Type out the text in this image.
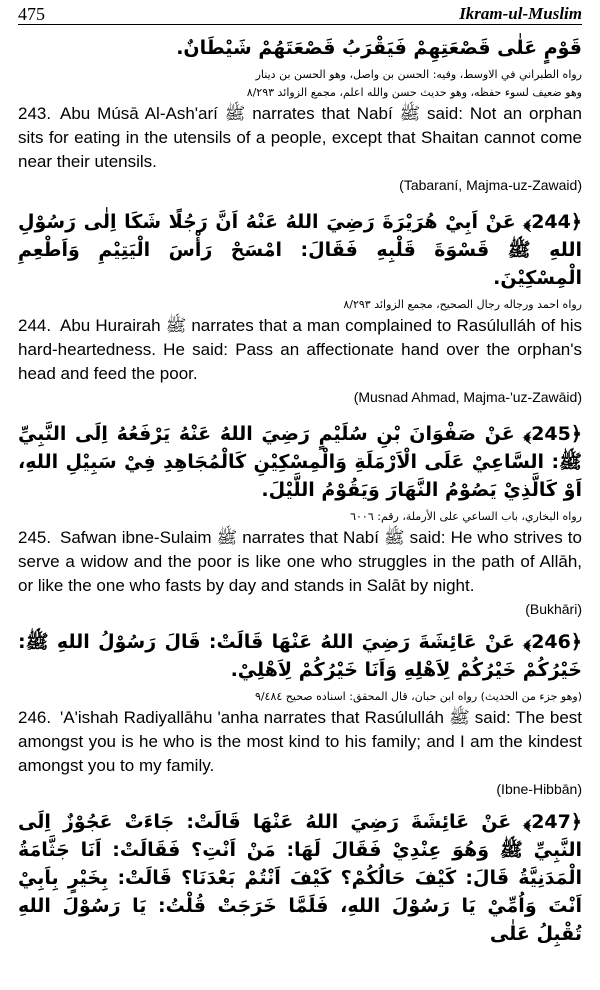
475	Ikram-ul-Muslim

قَوْمٍ عَلٰى قَصْعَتِهِمْ فَيَقْرَبُ قَصْعَتَهُمْ شَيْطَانٌ.

رواه الطبراني في الاوسط، وفيه: الحسن بن واصل، وهو الحسن بن دينار

وهو ضعيف لسوء حفظه، وهو حديث حسن والله اعلم، مجمع الزوائد ٨/٢٩٣

243. Abu Músā Al-Ash'arí ﷺ narrates that Nabí ﷺ said: Not an orphan sits for eating in the utensils of a people, except that Shaitan cannot come near their utensils.

(Tabaraní, Majma-uz-Zawaid)

﴿244﴾ عَنْ اَبِيْ هُرَيْرَةَ رَضِيَ اللهُ عَنْهُ اَنَّ رَجُلًا شَكَا اِلٰى رَسُوْلِ اللهِ ﷺ قَسْوَةَ قَلْبِهِ فَقَالَ: امْسَحْ رَأْسَ الْيَتِيْمِ وَاَطْعِمِ الْمِسْكِيْنَ.

رواه احمد ورجاله رجال الصحيح، مجمع الزوائد ٨/٢٩٣

244. Abu Hurairah ﷺ narrates that a man complained to Rasúlulláh of his hard-heartedness. He said: Pass an affectionate hand over the orphan's head and feed the poor.

(Musnad Ahmad, Majma-'uz-Zawāid)

﴿245﴾ عَنْ صَفْوَانَ بْنِ سُلَيْمٍ رَضِيَ اللهُ عَنْهُ يَرْفَعُهُ اِلَى النَّبِيِّ ﷺ: السَّاعِيْ عَلَى الْاَرْمَلَةِ وَالْمِسْكِيْنِ كَالْمُجَاهِدِ فِيْ سَبِيْلِ اللهِ، اَوْ كَالَّذِيْ يَصُوْمُ النَّهَارَ وَيَقُوْمُ اللَّيْلَ.

رواه البخاري، باب الساعي على الأرملة، رقم: ٦٠٠٦

245. Safwan ibne-Sulaim ﷺ narrates that Nabí ﷺ said: He who strives to serve a widow and the poor is like one who struggles in the path of Allāh, or like the one who fasts by day and stands in Salāt by night.

(Bukhāri)

﴿246﴾ عَنْ عَائِشَةَ رَضِيَ اللهُ عَنْهَا قَالَتْ: قَالَ رَسُوْلُ اللهِ ﷺ: خَيْرُكُمْ خَيْرُكُمْ لِاَهْلِهِ وَاَنَا خَيْرُكُمْ لِاَهْلِيْ.

(وهو جزء من الحديث) رواه ابن حبان، قال المحقق: اسناده صحيح ٩/٤٨٤

246. 'A'ishah Radiyallāhu 'anha narrates that Rasúlulláh ﷺ said: The best amongst you is he who is the most kind to his family; and I am the kindest amongst you to my family.

(Ibne-Hibbān)

﴿247﴾ عَنْ عَائِشَةَ رَضِيَ اللهُ عَنْهَا قَالَتْ: جَاءَتْ عَجُوْزٌ اِلَى النَّبِيِّ ﷺ وَهُوَ عِنْدِيْ فَقَالَ لَهَا: مَنْ اَنْتِ؟ فَقَالَتْ: اَنَا جَثَّامَةُ الْمَدَنِيَّةُ قَالَ: كَيْفَ حَالُكُمْ؟ كَيْفَ اَنْتُمْ بَعْدَنَا؟ قَالَتْ: بِخَيْرٍ بِاَبِيْ اَنْتَ وَاُمِّيْ يَا رَسُوْلَ اللهِ، فَلَمَّا خَرَجَتْ قُلْتُ: يَا رَسُوْلَ اللهِ تُقْبِلُ عَلٰى
